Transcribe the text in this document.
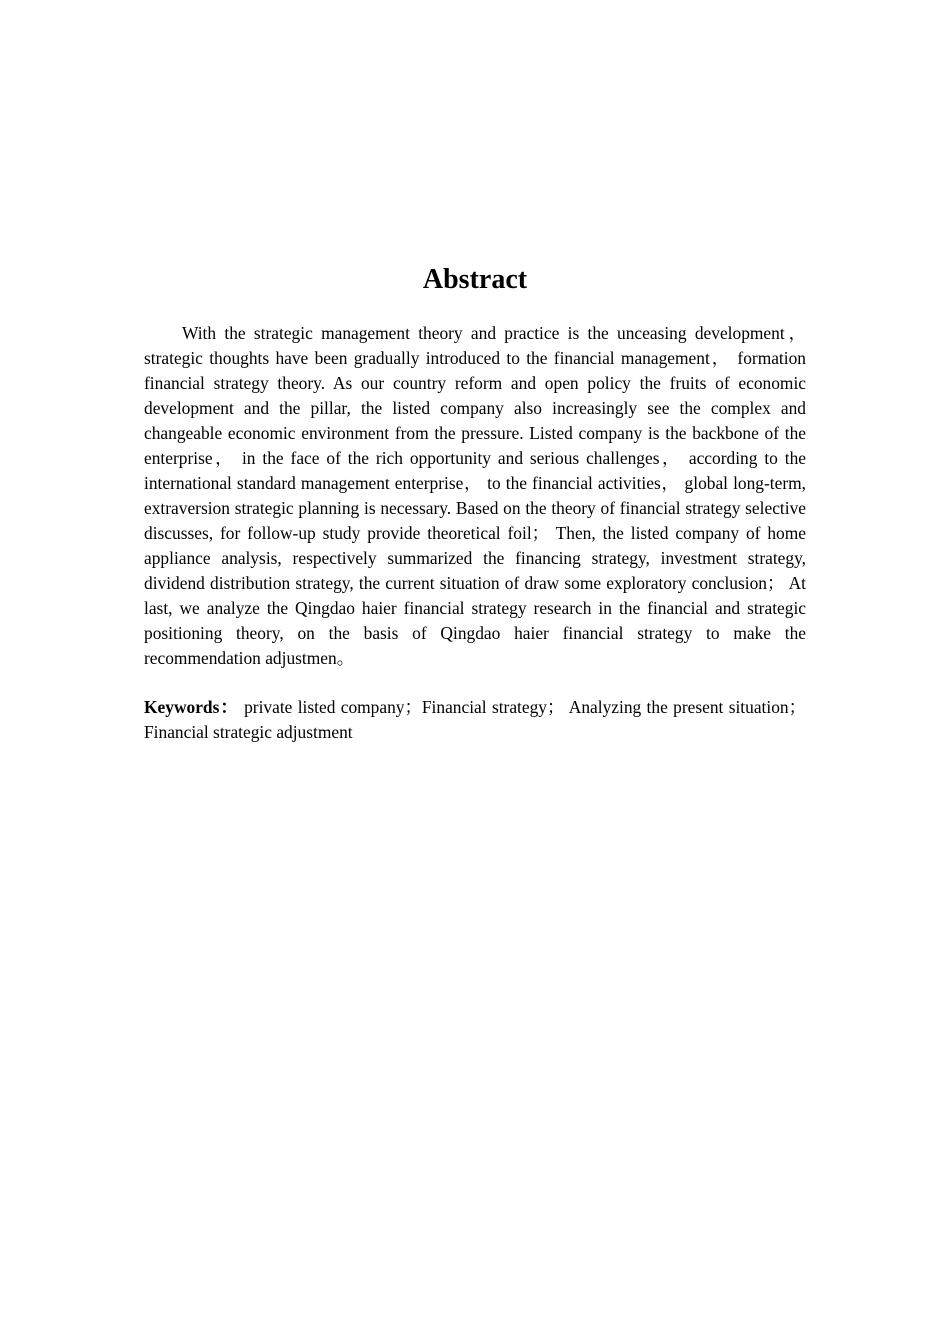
Abstract

With the strategic management theory and practice is the unceasing development， strategic thoughts have been gradually introduced to the financial management， formation financial strategy theory. As our country reform and open policy the fruits of economic development and the pillar, the listed company also increasingly see the complex and changeable economic environment from the pressure. Listed company is the backbone of the enterprise， in the face of the rich opportunity and serious challenges， according to the international standard management enterprise， to the financial activities， global long-term, extraversion strategic planning is necessary. Based on the theory of financial strategy selective discusses, for follow-up study provide theoretical foil； Then, the listed company of home appliance analysis, respectively summarized the financing strategy, investment strategy, dividend distribution strategy, the current situation of draw some exploratory conclusion； At last, we analyze the Qingdao haier financial strategy research in the financial and strategic positioning theory, on the basis of Qingdao haier financial strategy to make the recommendation adjustmen。

Keywords： private listed company；Financial strategy； Analyzing the present situation； Financial strategic adjustment
